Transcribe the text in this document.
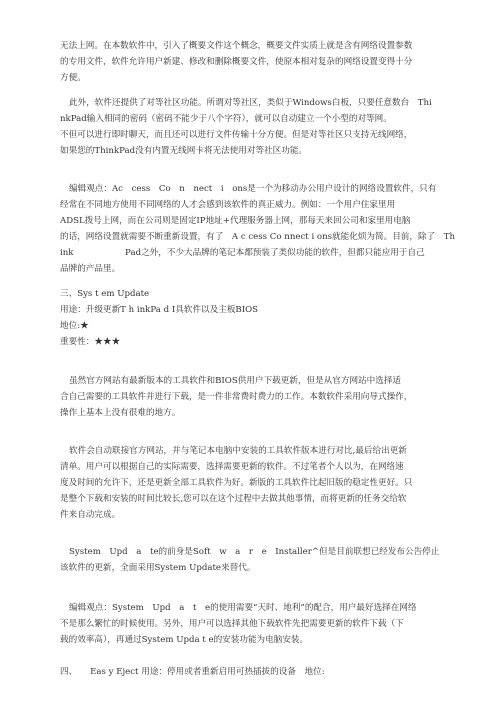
无法上网。在本数软件中，引入了概要文件这个概念，概要文件实质上就是含有网络设置参数
的专用文件，软件允许用户新建、修改和删除概要文件，使原本相对复杂的网络设置变得十分
方便。
此外，软件还提供了对等社区功能。所谓对等社区，类似于Windows白板，只要任意数台　Thi
nkPad输入相同的密码（密码不能少于八个字符），就可以自动建立一个小型的对等网。
不但可以进行即时聊天，而且还可以进行文件传输十分方便。但是对等社区只支持无线网络，
如果您的ThinkPad没有内置无线网卡将无法使用对等社区功能。
编辑观点：Ac　cess　Co　n　nect　i　ons是一个为移动办公用户设计的网络设置软件，只有
经常在不同地方使用不同网络的人才会感到该软件的真正威力。例如：一个用户住家里用
ADSL拨号上网，而在公司则是固定IP地址+代理服务器上网，那每天来回公司和家里用电脑
的话，网络设置就需要不断重新设置，有了　A c cess Co nnect i ons就能化烦为简。目前，除了　Th
ink　　　　　　Pad之外，不少大品牌的笔记本都预装了类似功能的软件，但都只能应用于自己
品牌的产品里。
三、Sys t em Update
用途：升级更新T h inkPa d I具软件以及主板BIOS
地位:★
重要性：★★★
虽然官方网站有最新版本的工具软件和BIOS供用户下载更新，但是从官方网站中选择适
合自己需要的工具软件并进行下载，是一件非常费时费力的工作。本数软件采用向导式操作，
操作上基本上没有很难的地方。
软件会自动联接官方网站，并与笔记本电脑中安装的工具软件版本进行对比,最后给出更新
清单。用户可以根据自己的实际需要，选择需要更新的软件。不过笔者个人以为，在网络速
度及时间的允许下，还是更新全部工具软件为好。新版的工具软件比起旧版的稳定性更好。只
是整个下载和安装的时间比较长,您可以在这个过程中去做其他事情，而将更新的任务交给软
件来自动完成。
System　Upd　a　te的前身是Soft　w　a　r　e　Installer^但是目前联想已经发布公告停止
该软件的更新，全面采用System Update来替代。
编辑观点：System　Upd　a　t　e的使用需要“天时、地利”的配合，用户最好选择在网络
不是那么繁忙的时候使用。另外，用户可以选择其他下载软件先把需要更新的软件下载（下
载的效率高），再通过System Upda t e的安装功能为电脑安装。
四、　　Eas y Eject 用途：停用或者重新启用可热插拔的设备　地位:
